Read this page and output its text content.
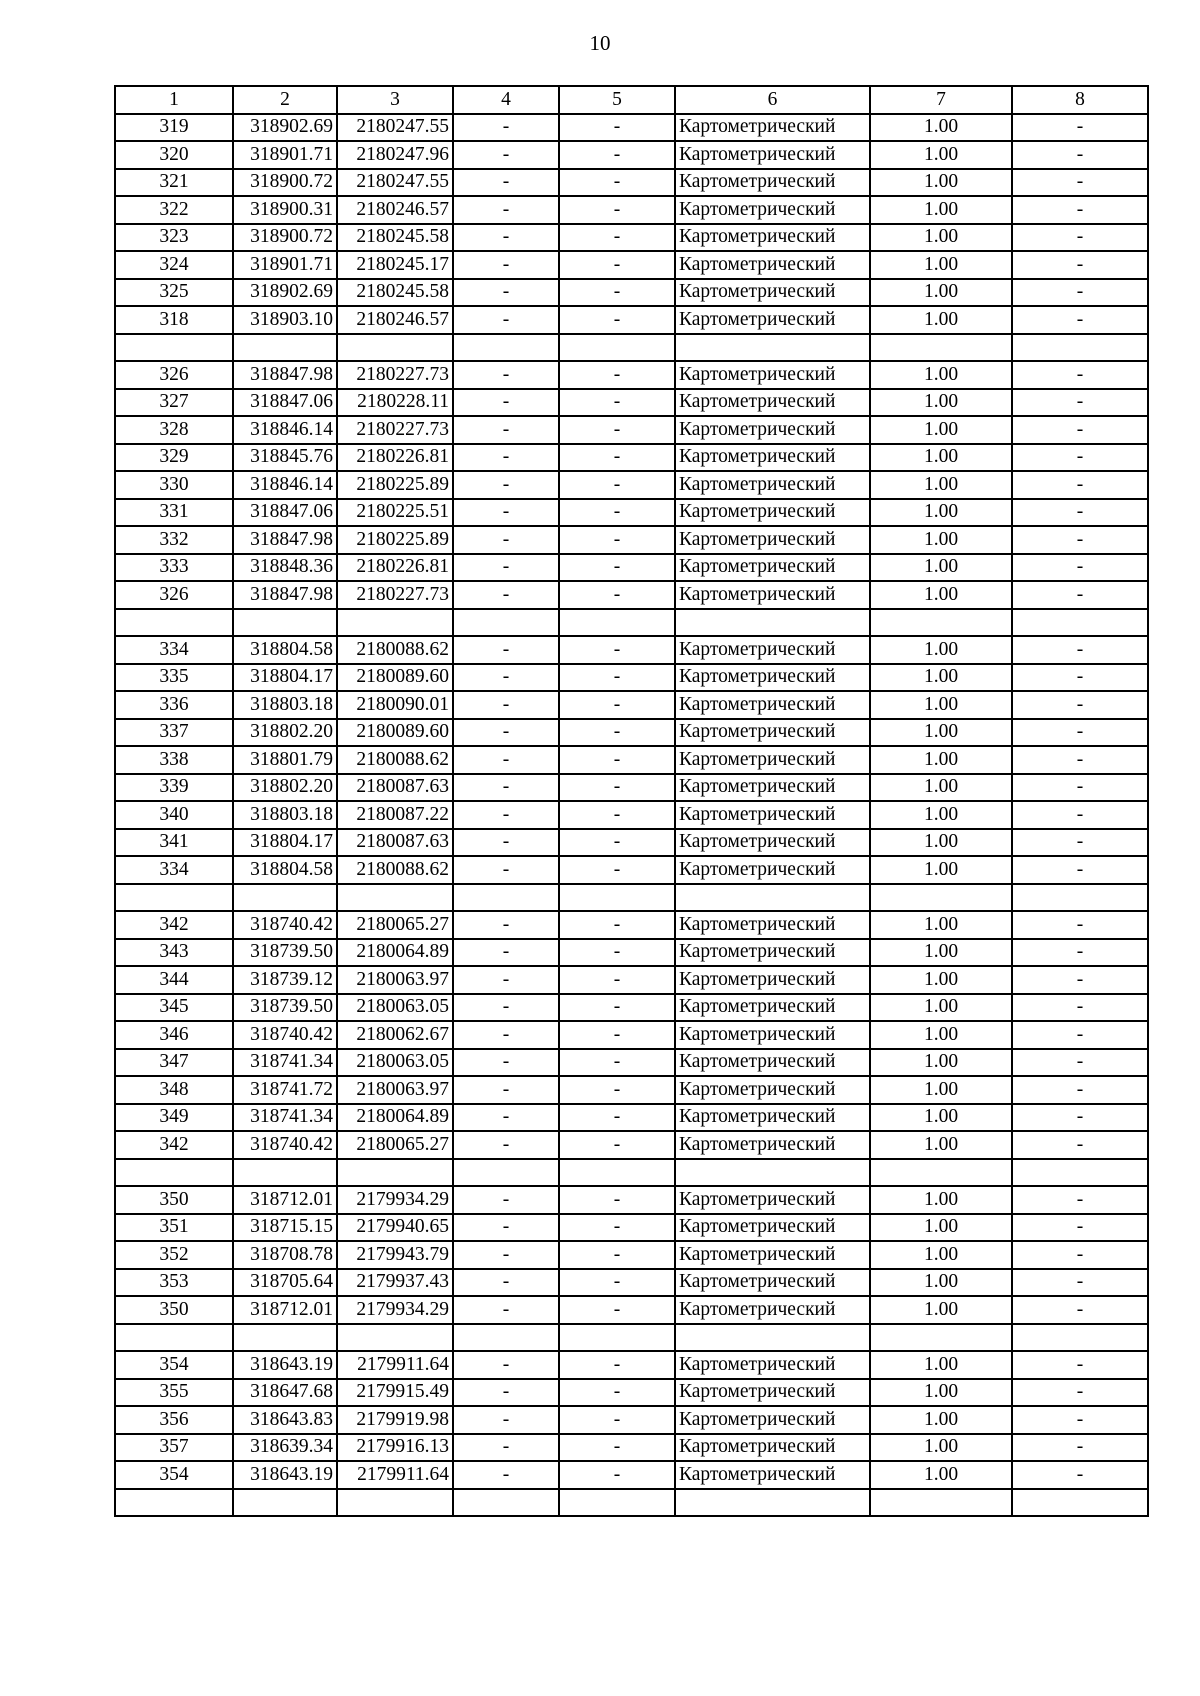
10
1	2	3	4	5	6	7	8
319	318902.69	2180247.55	-	-	Картометрический	1.00	-
320	318901.71	2180247.96	-	-	Картометрический	1.00	-
321	318900.72	2180247.55	-	-	Картометрический	1.00	-
322	318900.31	2180246.57	-	-	Картометрический	1.00	-
323	318900.72	2180245.58	-	-	Картометрический	1.00	-
324	318901.71	2180245.17	-	-	Картометрический	1.00	-
325	318902.69	2180245.58	-	-	Картометрический	1.00	-
318	318903.10	2180246.57	-	-	Картометрический	1.00	-

326	318847.98	2180227.73	-	-	Картометрический	1.00	-
327	318847.06	2180228.11	-	-	Картометрический	1.00	-
328	318846.14	2180227.73	-	-	Картометрический	1.00	-
329	318845.76	2180226.81	-	-	Картометрический	1.00	-
330	318846.14	2180225.89	-	-	Картометрический	1.00	-
331	318847.06	2180225.51	-	-	Картометрический	1.00	-
332	318847.98	2180225.89	-	-	Картометрический	1.00	-
333	318848.36	2180226.81	-	-	Картометрический	1.00	-
326	318847.98	2180227.73	-	-	Картометрический	1.00	-

334	318804.58	2180088.62	-	-	Картометрический	1.00	-
335	318804.17	2180089.60	-	-	Картометрический	1.00	-
336	318803.18	2180090.01	-	-	Картометрический	1.00	-
337	318802.20	2180089.60	-	-	Картометрический	1.00	-
338	318801.79	2180088.62	-	-	Картометрический	1.00	-
339	318802.20	2180087.63	-	-	Картометрический	1.00	-
340	318803.18	2180087.22	-	-	Картометрический	1.00	-
341	318804.17	2180087.63	-	-	Картометрический	1.00	-
334	318804.58	2180088.62	-	-	Картометрический	1.00	-

342	318740.42	2180065.27	-	-	Картометрический	1.00	-
343	318739.50	2180064.89	-	-	Картометрический	1.00	-
344	318739.12	2180063.97	-	-	Картометрический	1.00	-
345	318739.50	2180063.05	-	-	Картометрический	1.00	-
346	318740.42	2180062.67	-	-	Картометрический	1.00	-
347	318741.34	2180063.05	-	-	Картометрический	1.00	-
348	318741.72	2180063.97	-	-	Картометрический	1.00	-
349	318741.34	2180064.89	-	-	Картометрический	1.00	-
342	318740.42	2180065.27	-	-	Картометрический	1.00	-

350	318712.01	2179934.29	-	-	Картометрический	1.00	-
351	318715.15	2179940.65	-	-	Картометрический	1.00	-
352	318708.78	2179943.79	-	-	Картометрический	1.00	-
353	318705.64	2179937.43	-	-	Картометрический	1.00	-
350	318712.01	2179934.29	-	-	Картометрический	1.00	-

354	318643.19	2179911.64	-	-	Картометрический	1.00	-
355	318647.68	2179915.49	-	-	Картометрический	1.00	-
356	318643.83	2179919.98	-	-	Картометрический	1.00	-
357	318639.34	2179916.13	-	-	Картометрический	1.00	-
354	318643.19	2179911.64	-	-	Картометрический	1.00	-
